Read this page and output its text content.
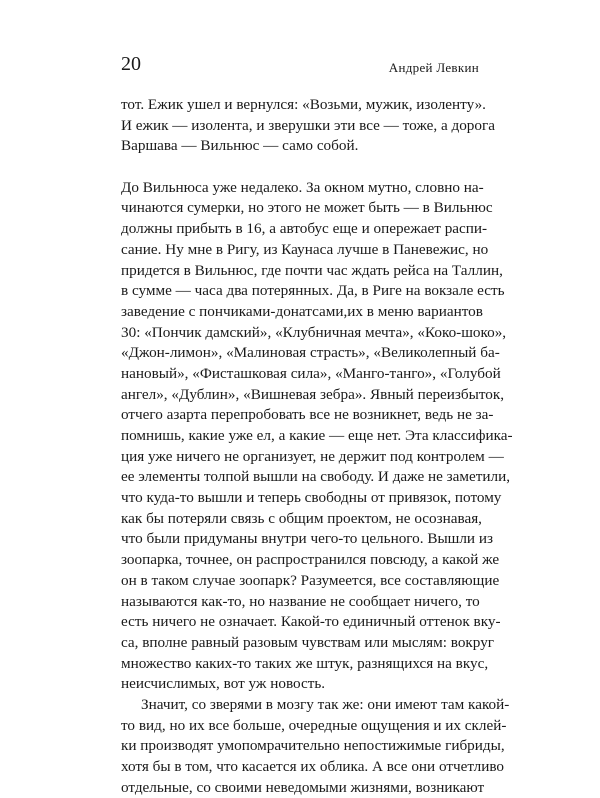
20	Андрей Левкин

тот. Ежик ушел и вернулся: «Возьми, мужик, изоленту».
И ежик — изолента, и зверушки эти все — тоже, а дорога
Варшава — Вильнюс — само собой.

До Вильнюса уже недалеко. За окном мутно, словно на-
чинаются сумерки, но этого не может быть — в Вильнюс
должны прибыть в 16, а автобус еще и опережает распи-
сание. Ну мне в Ригу, из Каунаса лучше в Паневежис, но
придется в Вильнюс, где почти час ждать рейса на Таллин,
в сумме — часа два потерянных. Да, в Риге на вокзале есть
заведение с пончиками-донатсами,их в меню вариантов
30: «Пончик дамский», «Клубничная мечта», «Коко-шоко»,
«Джон-лимон», «Малиновая страсть», «Великолепный ба-
нановый», «Фисташковая сила», «Манго-танго», «Голубой
ангел», «Дублин», «Вишневая зебра». Явный переизбыток,
отчего азарта перепробовать все не возникнет, ведь не за-
помнишь, какие уже ел, а какие — еще нет. Эта классифика-
ция уже ничего не организует, не держит под контролем —
ее элементы толпой вышли на свободу. И даже не заметили,
что куда-то вышли и теперь свободны от привязок, потому
как бы потеряли связь с общим проектом, не осознавая,
что были придуманы внутри чего-то цельного. Вышли из
зоопарка, точнее, он распространился повсюду, а какой же
он в таком случае зоопарк? Разумеется, все составляющие
называются как-то, но название не сообщает ничего, то
есть ничего не означает. Какой-то единичный оттенок вку-
са, вполне равный разовым чувствам или мыслям: вокруг
множество каких-то таких же штук, разнящихся на вкус,
неисчислимых, вот уж новость.

Значит, со зверями в мозгу так же: они имеют там какой-
то вид, но их все больше, очередные ощущения и их склей-
ки производят умопомрачительно непостижимые гибриды,
хотя бы в том, что касается их облика. А все они отчетливо
отдельные, со своими неведомыми жизнями, возникают
